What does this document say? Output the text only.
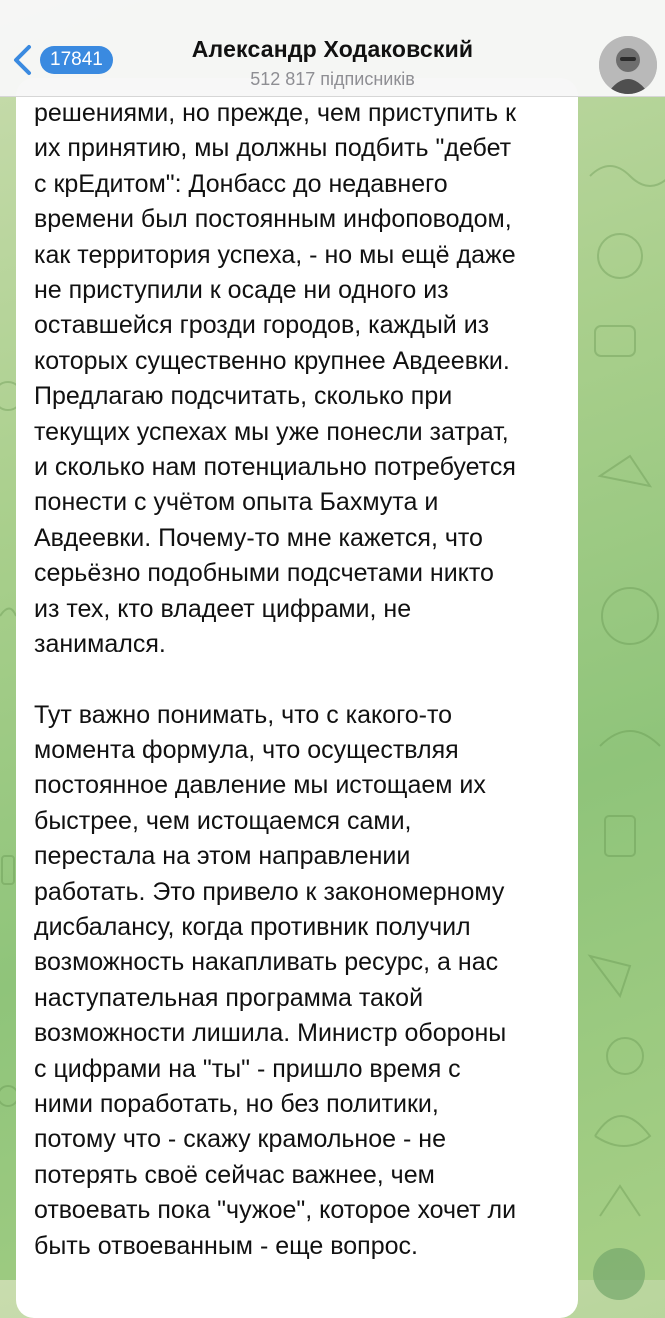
17841	Александр Ходаковский
512 817 підписників
решениями, но прежде, чем приступить к
их принятию, мы должны подбить "дебет
с крЕдитом": Донбасс до недавнего
времени был постоянным инфоповодом,
как территория успеха, - но мы ещё даже
не приступили к осаде ни одного из
оставшейся грозди городов, каждый из
которых существенно крупнее Авдеевки.
Предлагаю подсчитать, сколько при
текущих успехах мы уже понесли затрат,
и сколько нам потенциально потребуется
понести с учётом опыта Бахмута и
Авдеевки. Почему-то мне кажется, что
серьёзно подобными подсчетами никто
из тех, кто владеет цифрами, не
занимался.
Тут важно понимать, что с какого-то
момента формула, что осуществляя
постоянное давление мы истощаем их
быстрее, чем истощаемся сами,
перестала на этом направлении
работать. Это привело к закономерному
дисбалансу, когда противник получил
возможность накапливать ресурс, а нас
наступательная программа такой
возможности лишила. Министр обороны
с цифрами на "ты" - пришло время с
ними поработать, но без политики,
потому что - скажу крамольное - не
потерять своё сейчас важнее, чем
отвоевать пока "чужое", которое хочет ли
быть отвоеванным - еще вопрос.
